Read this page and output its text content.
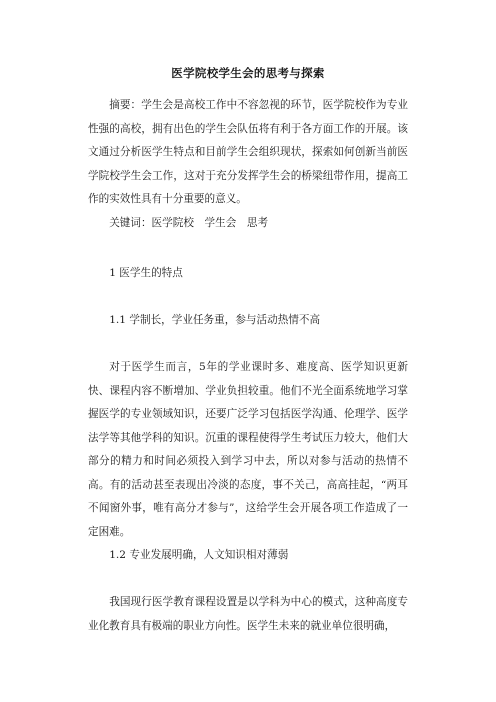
医学院校学生会的思考与探索

摘要：学生会是高校工作中不容忽视的环节，医学院校作为专业性强的高校，拥有出色的学生会队伍将有利于各方面工作的开展。该文通过分析医学生特点和目前学生会组织现状，探索如何创新当前医学院校学生会工作，这对于充分发挥学生会的桥梁纽带作用，提高工作的实效性具有十分重要的意义。

关键词：医学院校　学生会　思考

1 医学生的特点

1.1 学制长，学业任务重，参与活动热情不高

对于医学生而言，5年的学业课时多、难度高、医学知识更新快、课程内容不断增加、学业负担较重。他们不光全面系统地学习掌握医学的专业领域知识，还要广泛学习包括医学沟通、伦理学、医学法学等其他学科的知识。沉重的课程使得学生考试压力较大，他们大部分的精力和时间必须投入到学习中去，所以对参与活动的热情不高。有的活动甚至表现出冷淡的态度，事不关己，高高挂起，“两耳不闻窗外事，唯有高分才参与”，这给学生会开展各项工作造成了一定困难。

1.2 专业发展明确，人文知识相对薄弱

我国现行医学教育课程设置是以学科为中心的模式，这种高度专业化教育具有极端的职业方向性。医学生未来的就业单位很明确，
